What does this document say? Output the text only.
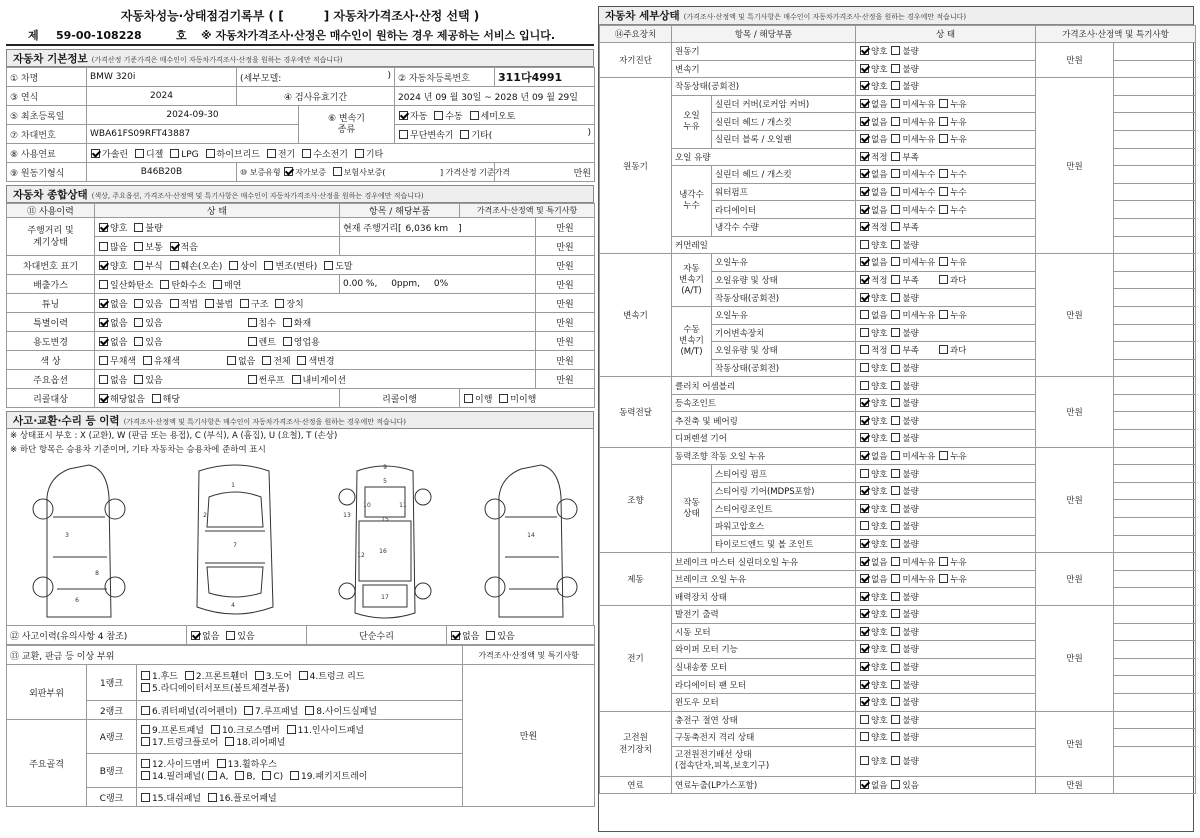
자동차성능·상태점검기록부 ( [	] 자동차가격조사·산정 선택 )
제 59-00-108228	호 ※ 자동차가격조사·산정은 매수인이 원하는 경우 제공하는 서비스 입니다.
자동차 기본정보 (가격산정 기준가격은 매수인이 자동차가격조사·산정을 원하는 경우에만 적습니다)
① 차명	BMW 320i	(세부모델: )		② 자동차등록번호	311다4991
③ 연식	2024	④ 검사유효기간		2024 년 09 월 30일 ~ 2028 년 09 월 29일	
⑤ 최초등록일	2024-09-30		⑥ 변속기
종류	자동 수동 세미오토	
⑦ 차대번호	WBA61FS09RFT43887			무단변속기 기타( )	

⑧ 사용연료	가솔린 디젤 LPG 하이브리드 전기 수소전기 기타				
⑨ 원동기형식	B46B20B	⑩ 보증유형 자가보증 보험사보증( ] 가격산정 기준가격			만원
자동차 종합상태 (색상, 주요옵션, 가격조사·산정액 및 특기사항은 매수인이 자동차가격조사·산정을 원하는 경우에만 적습니다)
⑪ 사용이력	상 태	항목 / 해당부품	가격조사·산정액 및 특기사항	
주행거리 및
계기상태	양호 불량	현재 주행거리[ 6,036 km ]		만원
	많음 보통 적음			만원
차대번호 표기	양호 부식 훼손(오손) 상이 변조(변타) 도말			만원
배출가스	일산화탄소 탄화수소 매연	0.00 %, 0ppm, 0%		만원
튜닝	없음 있음 적법 불법 구조 장치			만원
특별이력	없음 있음 침수 화재			만원
용도변경	없음 있음 렌트 영업용			만원
색 상	무채색 유채색 없음 전체 색변경			만원
주요옵션	없음 있음 썬루프 내비게이션			만원
리콜대상	해당없음 해당	리콜이행	이행 미이행	
사고·교환·수리 등 이력 (가격조사·산정액 및 특기사항은 매수인이 자동차가격조사·산정을 원하는 경우에만 적습니다)
※ 상태표시 부호 : X (교환), W (판금 또는 용접), C (부식), A (흠집), U (요철), T (손상)
※ 하단 항목은 승용차 기준이며, 기타 자동차는 승용차에 준하여 표시
1
2
3
4
5
6
7
8
9
10	11
12
13
14
15
16
17
⑫ 사고이력(유의사항 4 참조)	없음 있음	단순수리	없음 있음
⑬ 교환, 판금 등 이상 부위			가격조사·산정액 및 특기사항
외판부위	1랭크	1.후드 2.프론트휀더 3.도어 4.트렁크 리드
5.라디에이터서포트(볼트체결부품)	만원
	2랭크	6.쿼터패널(리어펜더) 7.루프패널 8.사이드실패널	
주요골격	A랭크	9.프론트패널 10.크로스멤버 11.인사이드패널
17.트렁크플로어 18.리어패널	
	B랭크	12.사이드멤버 13.휠하우스
14.필러패널( A, B, C) 19.패키지트레이	
	C랭크	15.대쉬패널 16.플로어패널	
자동차 세부상태 (가격조사·산정액 및 특기사항은 매수인이 자동차가격조사·산정을 원하는 경우에만 적습니다)
⑭주요장치	항목 / 해당부품		상 태	가격조사·산정액 및 특기사항	
자기진단	원동기		양호 불량	만원	
	변속기		양호 불량		
원동기	작동상태(공회전)		양호 불량	만원	
	오일
누유	실린더 커버(로커암 커버)	없음 미세누유 누유		
		실린더 헤드 / 개스킷	없음 미세누유 누유		
		실린더 블록 / 오일팬	없음 미세누유 누유		
	오일 유량		적정 부족		
	냉각수
누수	실린더 헤드 / 개스킷	없음 미세누수 누수		
		워터펌프	없음 미세누수 누수		
		라디에이터	없음 미세누수 누수		
		냉각수 수량	적정 부족		
	커먼레일		양호 불량		
변속기	자동
변속기
(A/T)	오일누유	없음 미세누유 누유	만원	
		오일유량 및 상태	적정 부족 과다		
		작동상태(공회전)	양호 불량		
	수동
변속기
(M/T)	오일누유	없음 미세누유 누유		
		기어변속장치	양호 불량		
		오일유량 및 상태	적정 부족 과다		
		작동상태(공회전)	양호 불량		
동력전달	클러치 어셈블리		양호 불량	만원	
	등속조인트		양호 불량		
	추진축 및 베어링		양호 불량		
	디퍼렌셜 기어		양호 불량		
조향	동력조향 작동 오일 누유		없음 미세누유 누유	만원	
	작동
상태	스티어링 펌프	양호 불량		
		스티어링 기어(MDPS포함)	양호 불량		
		스티어링조인트	양호 불량		
		파워고압호스	양호 불량		
		타이로드엔드 및 볼 조인트	양호 불량		
제동	브레이크 마스터 실린더오일 누유		없음 미세누유 누유	만원	
	브레이크 오일 누유		없음 미세누유 누유		
	배력장치 상태		양호 불량		
전기	발전기 출력		양호 불량	만원	
	시동 모터		양호 불량		
	와이퍼 모터 기능		양호 불량		
	실내송풍 모터		양호 불량		
	라디에이터 팬 모터		양호 불량		
	윈도우 모터		양호 불량		
고전원
전기장치	충전구 절연 상태		양호 불량	만원	
	구동축전지 격리 상태		양호 불량		
	고전원전기배선 상태
(접속단자,피복,보호기구)		양호 불량		
연료	연료누출(LP가스포함)		없음 있음	만원	
